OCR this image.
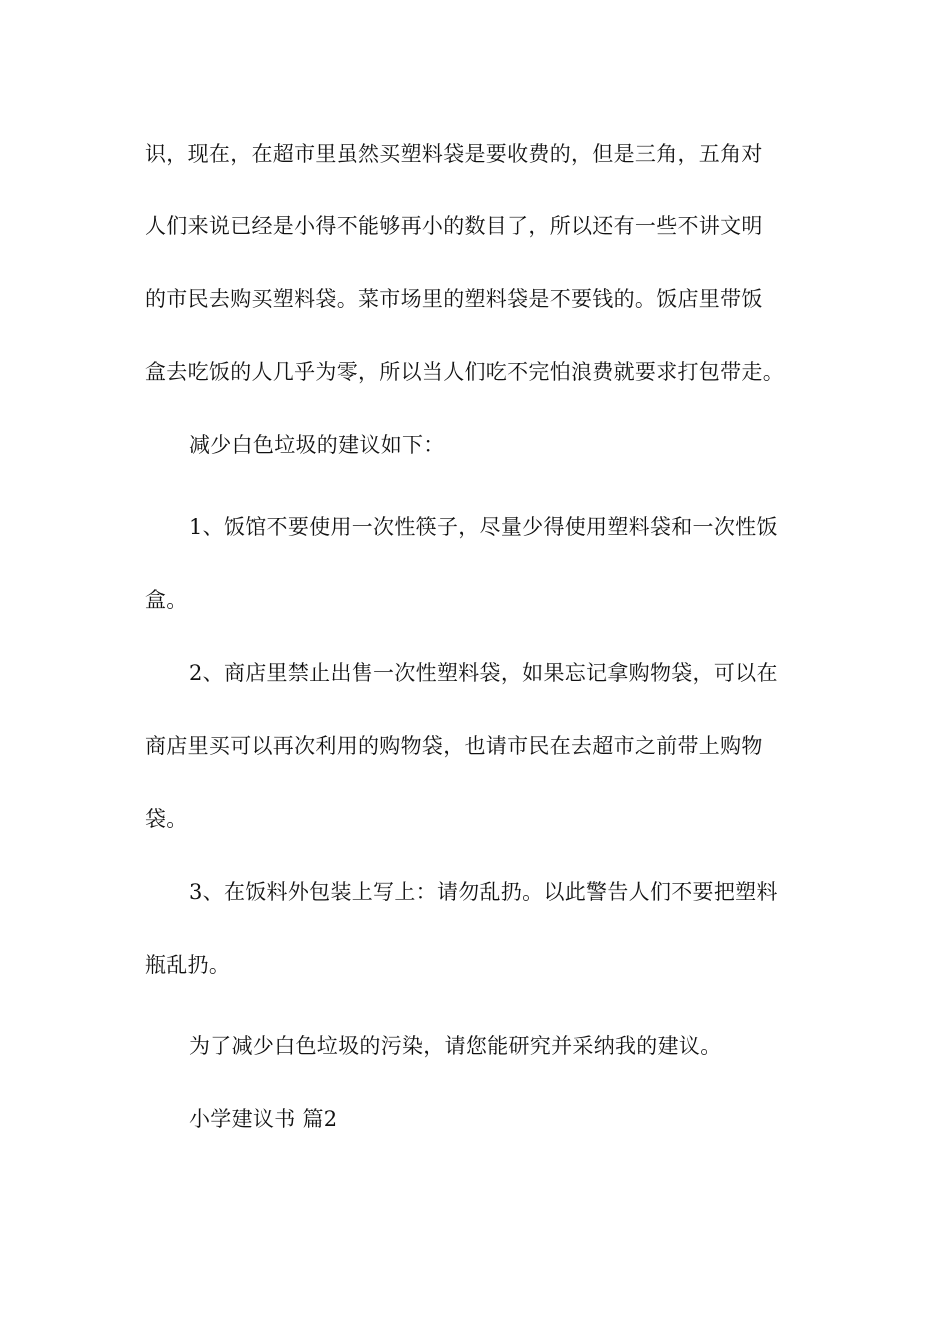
识，现在，在超市里虽然买塑料袋是要收费的，但是三角，五角对
人们来说已经是小得不能够再小的数目了，所以还有一些不讲文明
的市民去购买塑料袋。菜市场里的塑料袋是不要钱的。饭店里带饭
盒去吃饭的人几乎为零，所以当人们吃不完怕浪费就要求打包带走。
减少白色垃圾的建议如下：
1、饭馆不要使用一次性筷子，尽量少得使用塑料袋和一次性饭
盒。
2、商店里禁止出售一次性塑料袋，如果忘记拿购物袋，可以在
商店里买可以再次利用的购物袋，也请市民在去超市之前带上购物
袋。
3、在饭料外包装上写上：请勿乱扔。以此警告人们不要把塑料
瓶乱扔。
为了减少白色垃圾的污染，请您能研究并采纳我的建议。
小学建议书 篇2
